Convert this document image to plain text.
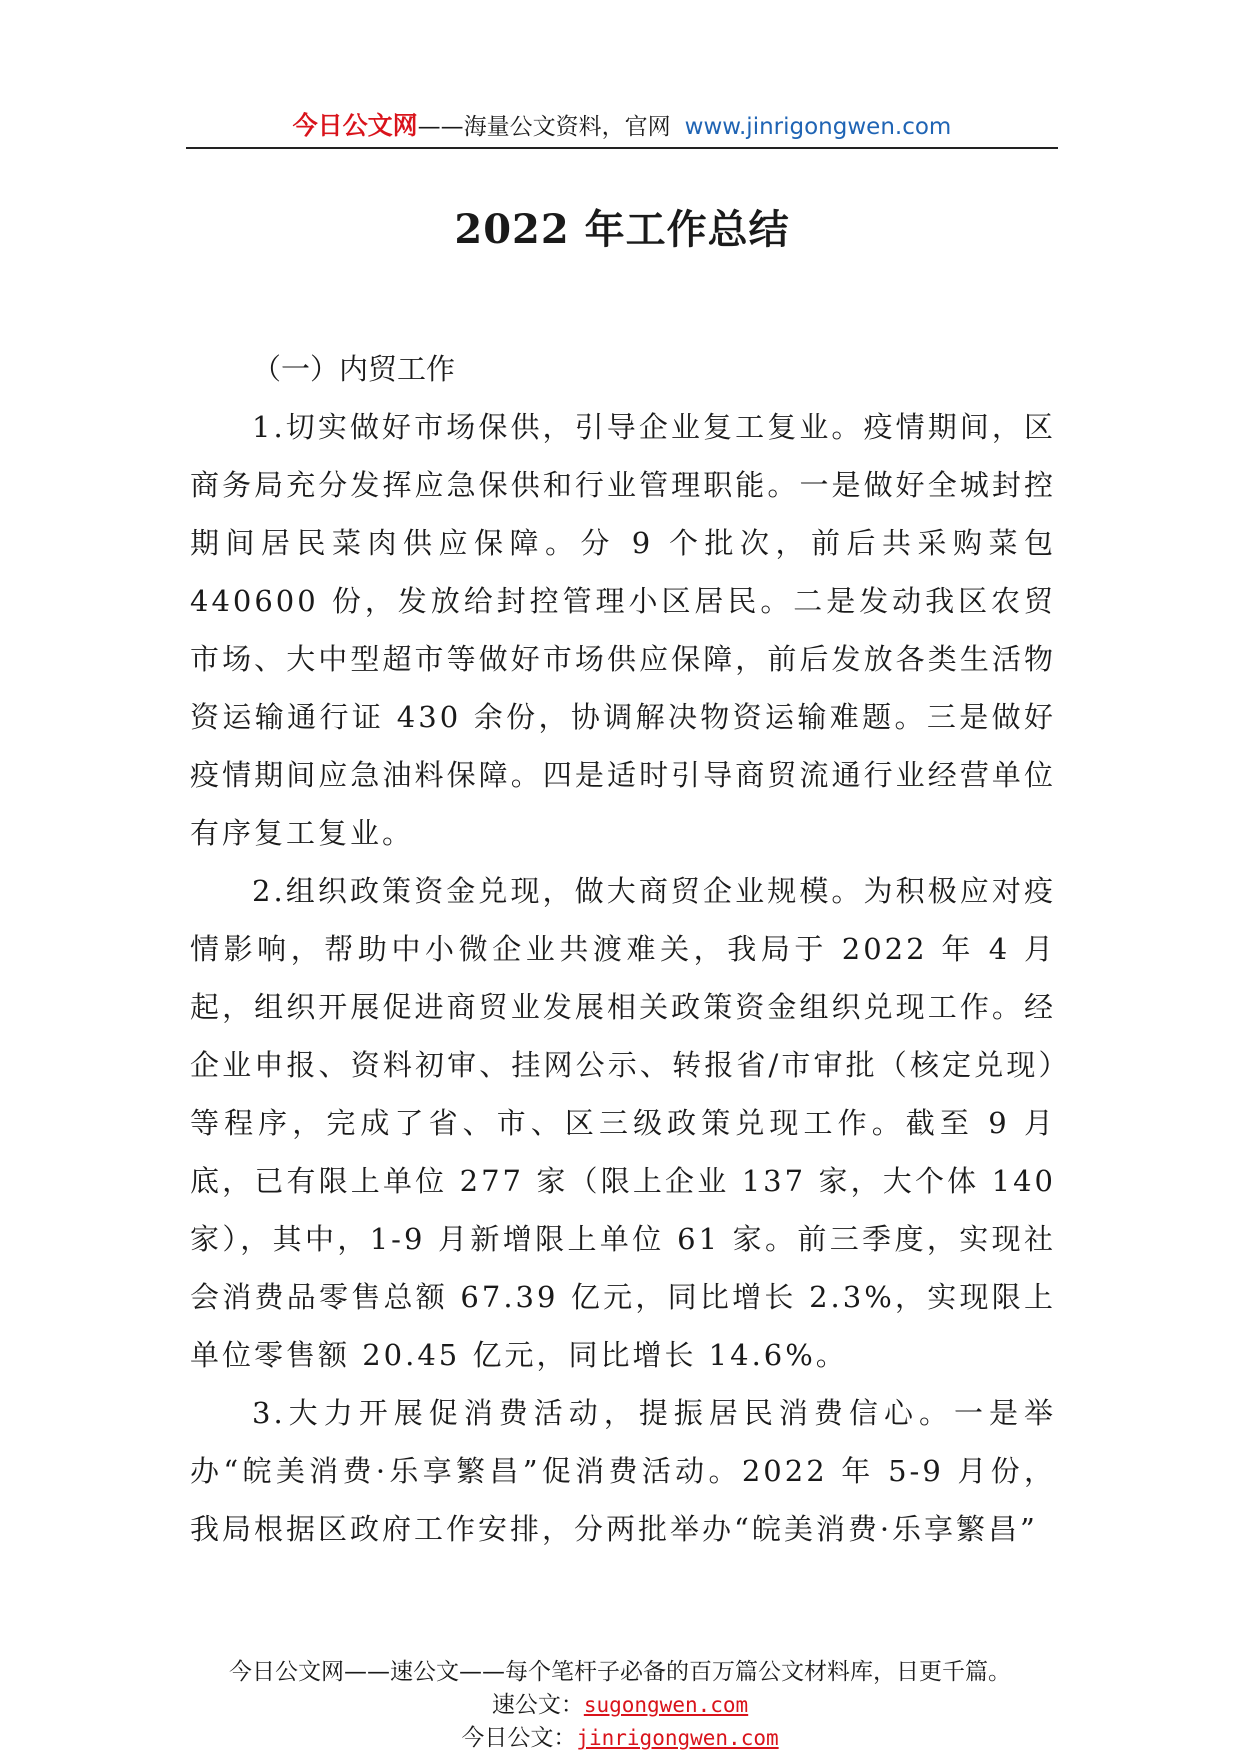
今日公文网——海量公文资料，官网 www.jinrigongwen.com
2022 年工作总结
（一）内贸工作

1.切实做好市场保供，引导企业复工复业。疫情期间，区商务局充分发挥应急保供和行业管理职能。一是做好全城封控期间居民菜肉供应保障。分 9 个批次，前后共采购菜包 440600 份，发放给封控管理小区居民。二是发动我区农贸市场、大中型超市等做好市场供应保障，前后发放各类生活物资运输通行证 430 余份，协调解决物资运输难题。三是做好疫情期间应急油料保障。四是适时引导商贸流通行业经营单位有序复工复业。

2.组织政策资金兑现，做大商贸企业规模。为积极应对疫情影响，帮助中小微企业共渡难关，我局于 2022 年 4 月起，组织开展促进商贸业发展相关政策资金组织兑现工作。经企业申报、资料初审、挂网公示、转报省/市审批（核定兑现）等程序，完成了省、市、区三级政策兑现工作。截至 9 月底，已有限上单位 277 家（限上企业 137 家，大个体 140 家），其中，1-9 月新增限上单位 61 家。前三季度，实现社会消费品零售总额 67.39 亿元，同比增长 2.3%，实现限上单位零售额 20.45 亿元，同比增长 14.6%。

3.大力开展促消费活动，提振居民消费信心。一是举办“皖美消费·乐享繁昌”促消费活动。2022 年 5-9 月份，我局根据区政府工作安排，分两批举办“皖美消费·乐享繁昌”

今日公文网——速公文——每个笔杆子必备的百万篇公文材料库，日更千篇。

速公文：sugongwen.com

今日公文：jinrigongwen.com
